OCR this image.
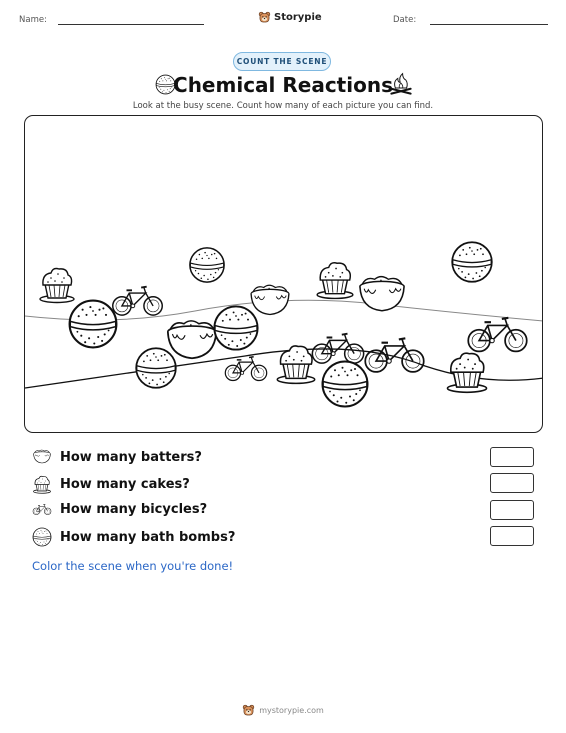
Name:	Storypie	Date:
COUNT THE SCENE
Chemical Reactions
Look at the busy scene. Count how many of each picture you can find.
How many batters?
How many cakes?
How many bicycles?
How many bath bombs?
Color the scene when you're done!
mystorypie.com
